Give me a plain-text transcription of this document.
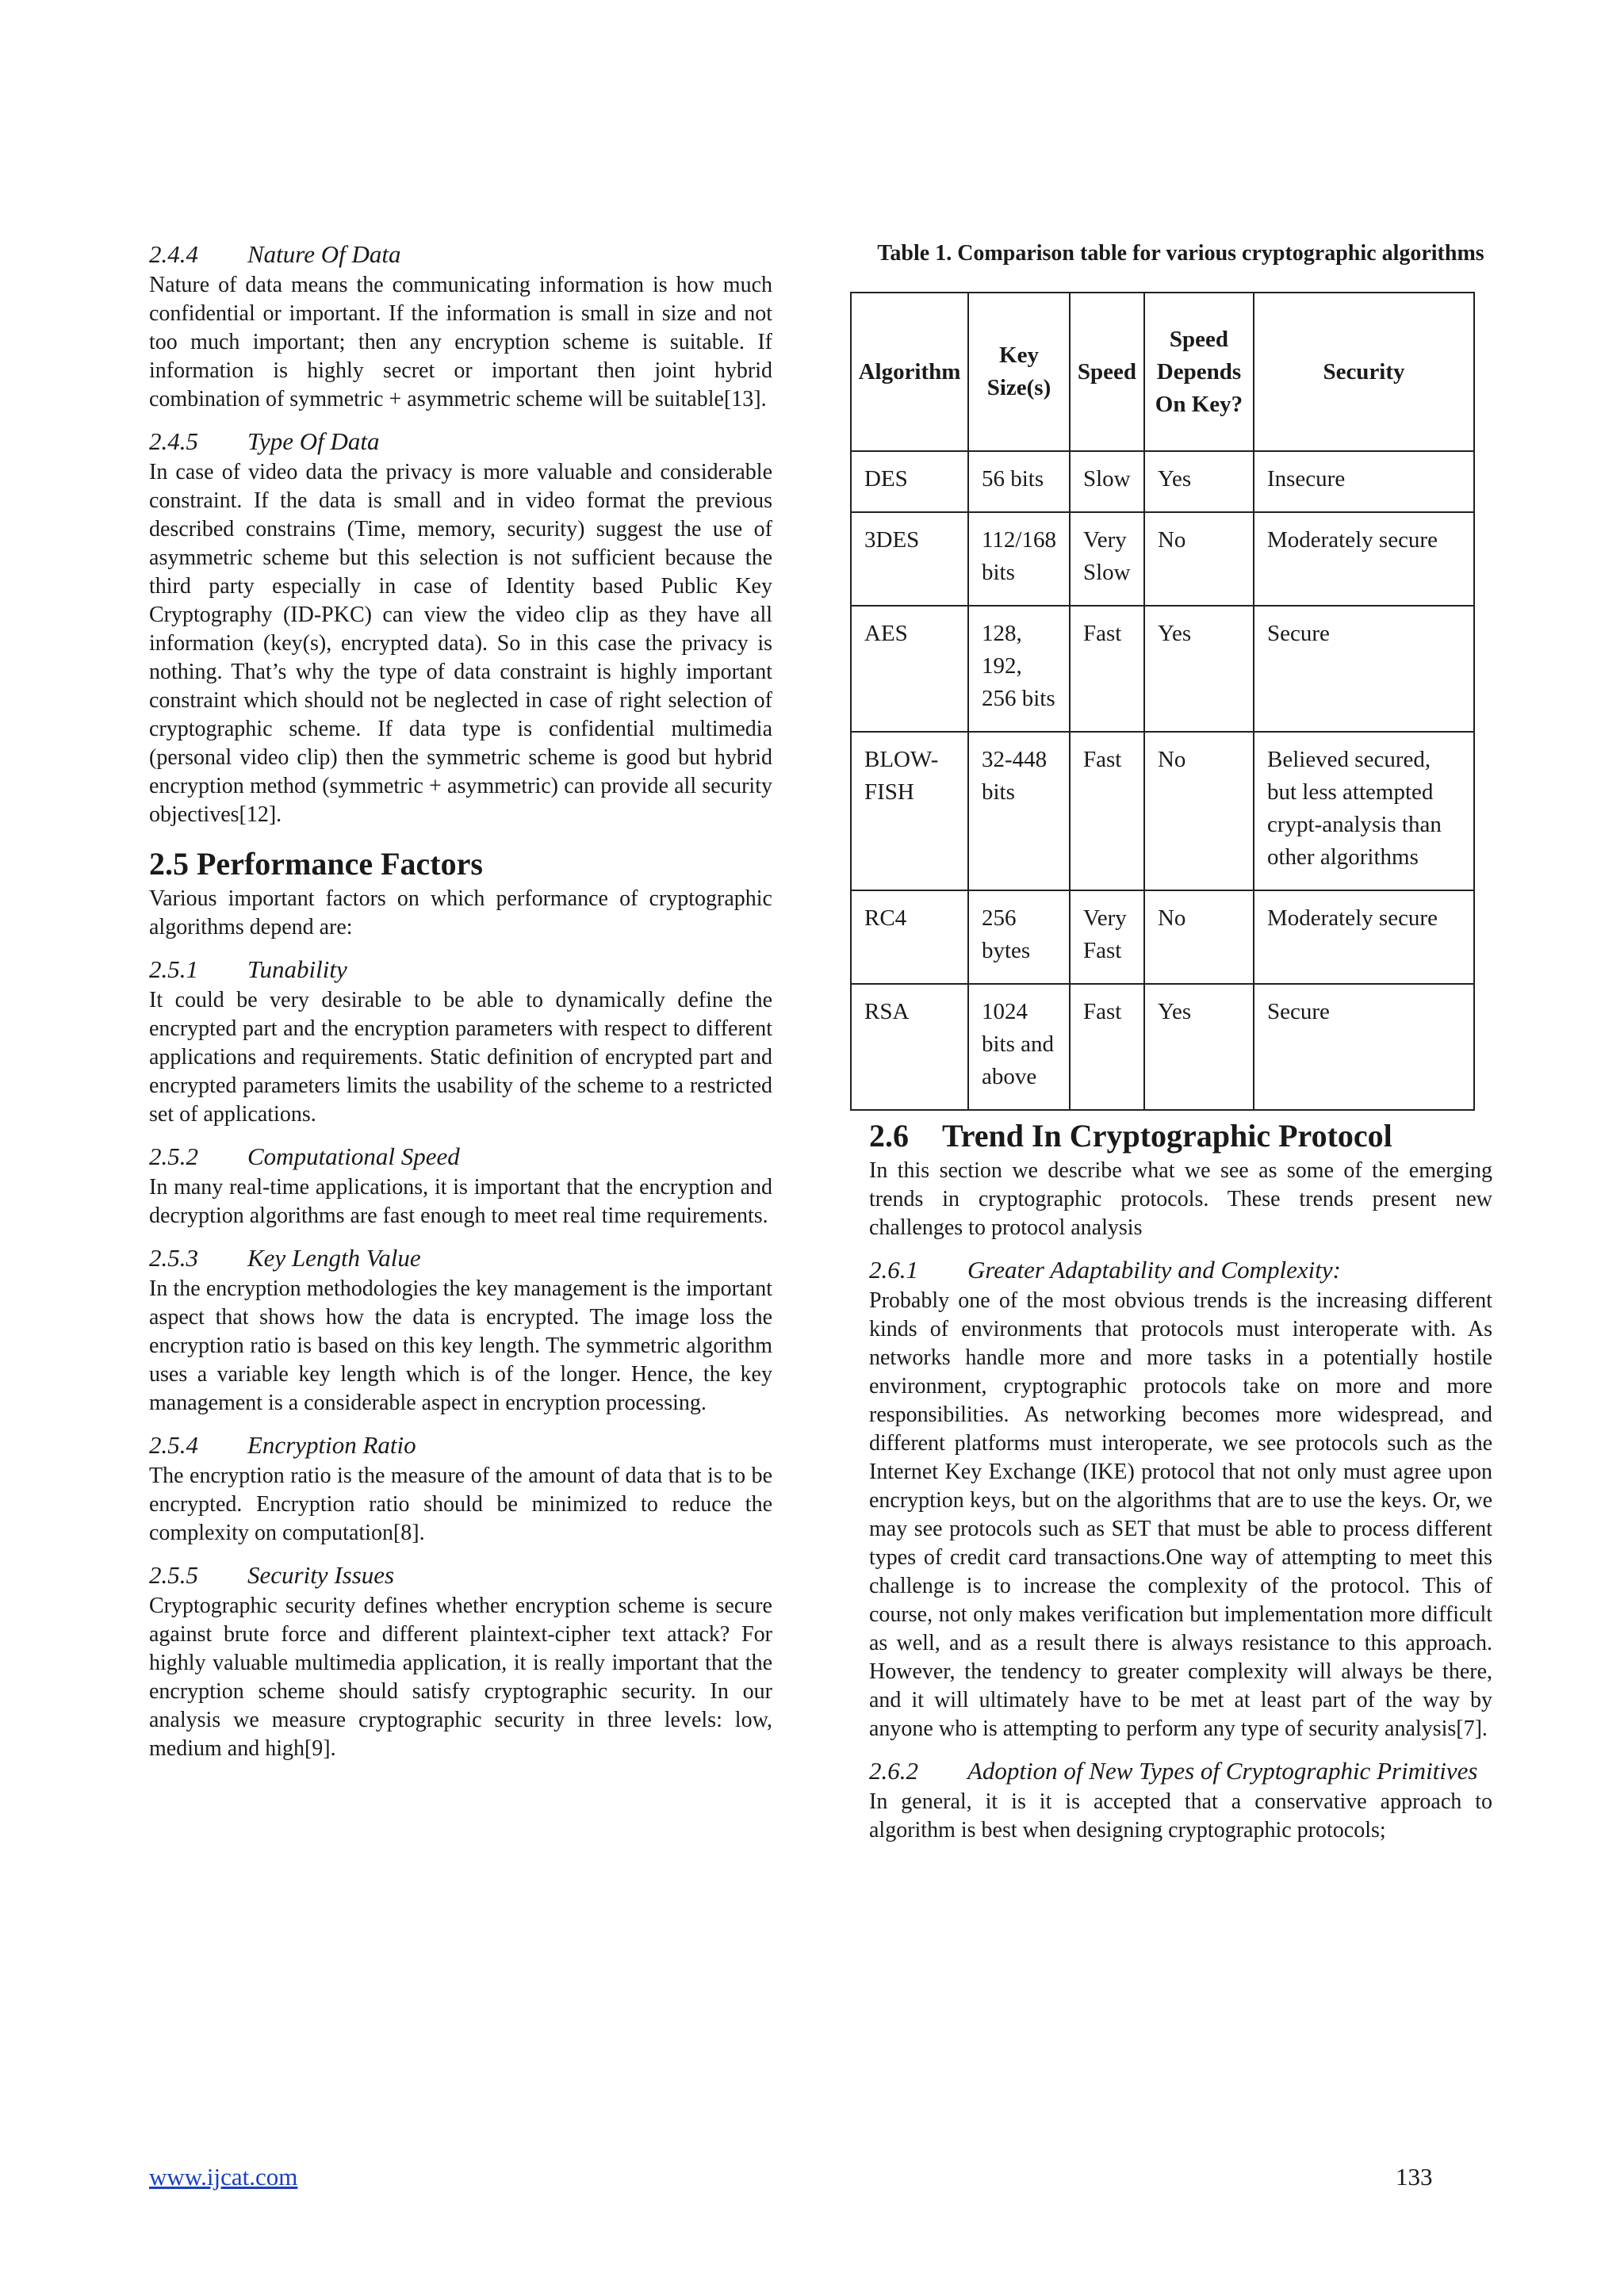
2.4.4 Nature Of Data

Nature of data means the communicating information is how much confidential or important. If the information is small in size and not too much important; then any encryption scheme is suitable. If information is highly secret or important then joint hybrid combination of symmetric + asymmetric scheme will be suitable[13].

2.4.5 Type Of Data

In case of video data the privacy is more valuable and considerable constraint. If the data is small and in video format the previous described constrains (Time, memory, security) suggest the use of asymmetric scheme but this selection is not sufficient because the third party especially in case of Identity based Public Key Cryptography (ID-PKC) can view the video clip as they have all information (key(s), encrypted data). So in this case the privacy is nothing. That’s why the type of data constraint is highly important constraint which should not be neglected in case of right selection of cryptographic scheme. If data type is confidential multimedia (personal video clip) then the symmetric scheme is good but hybrid encryption method (symmetric + asymmetric) can provide all security objectives[12].

2.5 Performance Factors

Various important factors on which performance of cryptographic algorithms depend are:

2.5.1 Tunability

It could be very desirable to be able to dynamically define the encrypted part and the encryption parameters with respect to different applications and requirements. Static definition of encrypted part and encrypted parameters limits the usability of the scheme to a restricted set of applications.

2.5.2 Computational Speed

In many real-time applications, it is important that the encryption and decryption algorithms are fast enough to meet real time requirements.

2.5.3 Key Length Value

In the encryption methodologies the key management is the important aspect that shows how the data is encrypted. The image loss the encryption ratio is based on this key length. The symmetric algorithm uses a variable key length which is of the longer. Hence, the key management is a considerable aspect in encryption processing.

2.5.4 Encryption Ratio

The encryption ratio is the measure of the amount of data that is to be encrypted. Encryption ratio should be minimized to reduce the complexity on computation[8].

2.5.5 Security Issues

Cryptographic security defines whether encryption scheme is secure against brute force and different plaintext-cipher text attack? For highly valuable multimedia application, it is really important that the encryption scheme should satisfy cryptographic security. In our analysis we measure cryptographic security in three levels: low, medium and high[9].

Table 1. Comparison table for various cryptographic algorithms
Algorithm	Key Size(s)	Speed	Speed Depends On Key?	Security
DES	56 bits	Slow	Yes	Insecure
3DES	112/168 bits	Very Slow	No	Moderately secure
AES	128, 192, 256 bits	Fast	Yes	Secure
BLOW-FISH	32-448 bits	Fast	No	Believed secured, but less attempted crypt-analysis than other algorithms
RC4	256 bytes	Very Fast	No	Moderately secure
RSA	1024 bits and above	Fast	Yes	Secure
2.6 Trend In Cryptographic Protocol

In this section we describe what we see as some of the emerging trends in cryptographic protocols. These trends present new challenges to protocol analysis

2.6.1 Greater Adaptability and Complexity:

Probably one of the most obvious trends is the increasing different kinds of environments that protocols must interoperate with. As networks handle more and more tasks in a potentially hostile environment, cryptographic protocols take on more and more responsibilities. As networking becomes more widespread, and different platforms must interoperate, we see protocols such as the Internet Key Exchange (IKE) protocol that not only must agree upon encryption keys, but on the algorithms that are to use the keys. Or, we may see protocols such as SET that must be able to process different types of credit card transactions.One way of attempting to meet this challenge is to increase the complexity of the protocol. This of course, not only makes verification but implementation more difficult as well, and as a result there is always resistance to this approach. However, the tendency to greater complexity will always be there, and it will ultimately have to be met at least part of the way by anyone who is attempting to perform any type of security analysis[7].

2.6.2 Adoption of New Types of Cryptographic Primitives

In general, it is it is accepted that a conservative approach to algorithm is best when designing cryptographic protocols;

www.ijcat.com	133
